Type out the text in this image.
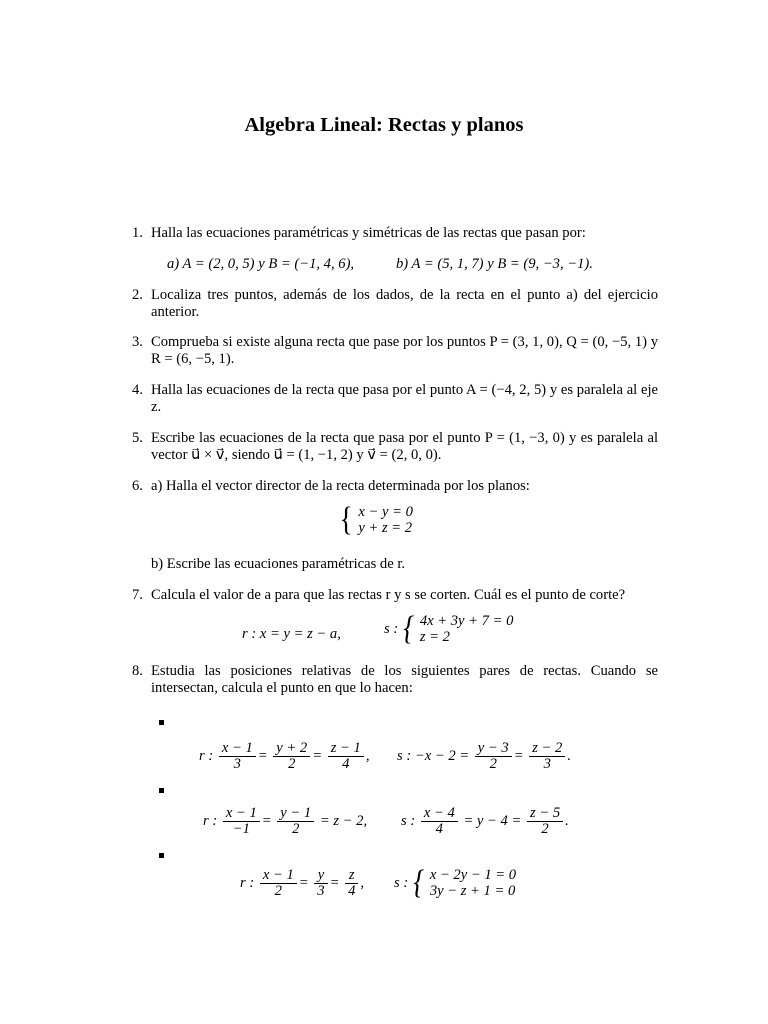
Algebra Lineal: Rectas y planos
1. Halla las ecuaciones paramétricas y simétricas de las rectas que pasan por:
a) A = (2, 0, 5) y B = (−1, 4, 6),	b) A = (5, 1, 7) y B = (9, −3, −1).
2. Localiza tres puntos, además de los dados, de la recta en el punto a) del ejercicio anterior.
3. Comprueba si existe alguna recta que pase por los puntos P = (3, 1, 0), Q = (0, −5, 1) y R = (6, −5, 1).
4. Halla las ecuaciones de la recta que pasa por el punto A = (−4, 2, 5) y es paralela al eje z.
5. Escribe las ecuaciones de la recta que pasa por el punto P = (1, −3, 0) y es paralela al vector u⃗ × v⃗, siendo u⃗ = (1, −1, 2) y v⃗ = (2, 0, 0).
6. a) Halla el vector director de la recta determinada por los planos:
{ x − y = 0
y + z = 2
b) Escribe las ecuaciones paramétricas de r.
7. Calcula el valor de a para que las rectas r y s se corten. Cuál es el punto de corte?
r : x = y = z − a,	s : { 4x + 3y + 7 = 0
z = 2
8. Estudia las posiciones relativas de los siguientes pares de rectas. Cuando se intersectan, calcula el punto en que lo hacen:
r : $\frac{x - 1}{3} = \frac{y + 2}{2} = \frac{z - 1}{4}$ , s : $-x - 2 = \frac{y - 3}{2} = \frac{z - 2}{3}$ .
r : $\frac{x - 1}{-1} = \frac{y - 1}{2} = z - 2$, s : $\frac{x - 4}{4} = y - 4 = \frac{z - 5}{2}$ .
r : $\frac{x - 1}{2} = \frac{y}{3} = \frac{z}{4}$ , s : { x − 2y − 1 = 0
3y − z + 1 = 0
